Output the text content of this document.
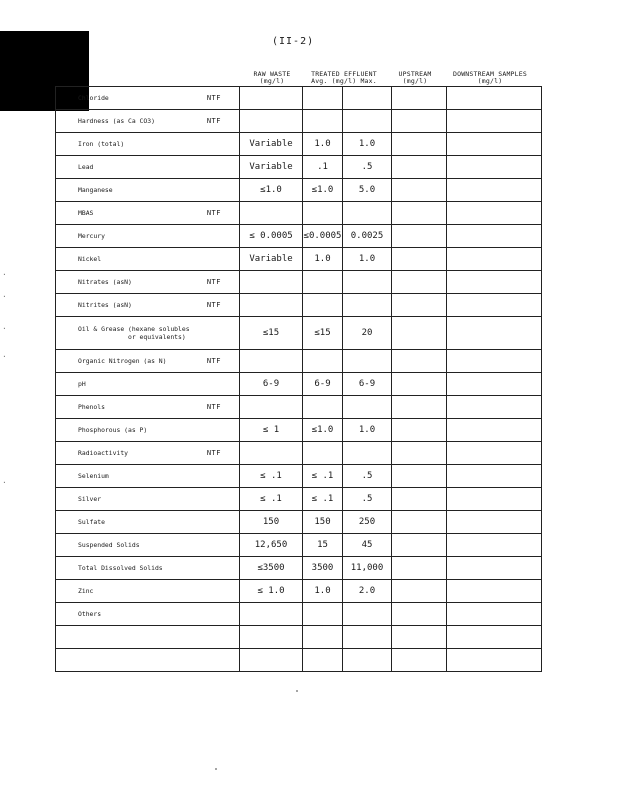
(II-2)
RAW WASTE
(mg/l)
TREATED EFFLUENT
Avg. (mg/l) Max.
UPSTREAM
(mg/l)
DOWNSTREAM SAMPLES
(mg/l)
Chloride NTF					

Hardness (as Ca CO3) NTF					

Iron (total)	Variable	1.0	1.0		
Lead	Variable	.1	.5		
Manganese	≤1.0	≤1.0	5.0		
MBAS NTF					

Mercury	≤ 0.0005	≤0.0005	0.0025		
Nickel	Variable	1.0	1.0		
Nitrates (asN) NTF					

Nitrites (asN) NTF					

Oil & Grease (hexane solubles
or equivalents)	≤15	≤15	20		
Organic Nitrogen (as N) NTF					

pH	6-9	6-9	6-9		
Phenols NTF					

Phosphorous (as P)	≤ 1	≤1.0	1.0		
Radioactivity NTF					

Selenium	≤ .1	≤ .1	.5		
Silver	≤ .1	≤ .1	.5		
Sulfate	150	150	250		
Suspended Solids	12,650	15	45		
Total Dissolved Solids	≤3500	3500	11,000		
Zinc	≤ 1.0	1.0	2.0		
Others					

·
·
·
·
·
